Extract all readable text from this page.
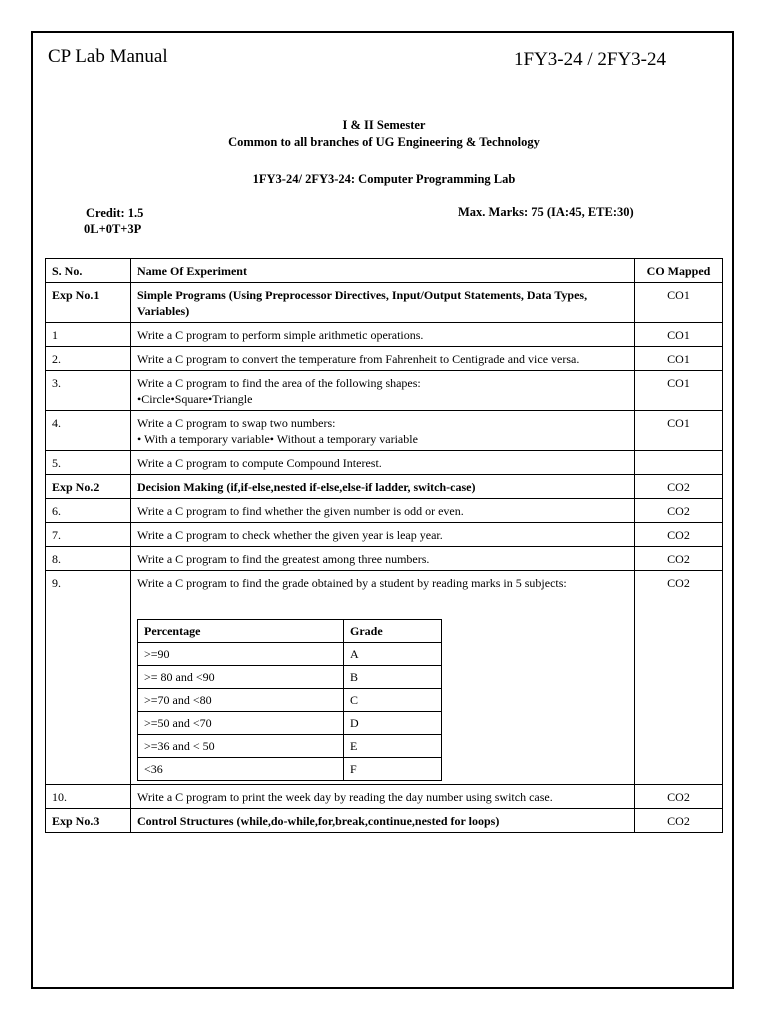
CP Lab Manual	1FY3-24 / 2FY3-24
I & II Semester
Common to all branches of UG Engineering & Technology
1FY3-24/ 2FY3-24: Computer Programming Lab
Credit: 1.5
0L+0T+3P
Max. Marks: 75 (IA:45, ETE:30)
S. No.	Name Of Experiment	CO Mapped
Exp No.1	Simple Programs (Using Preprocessor Directives, Input/Output Statements, Data Types, Variables)	CO1
1	Write a C program to perform simple arithmetic operations.	CO1
2.	Write a C program to convert the temperature from Fahrenheit to Centigrade and vice versa.	CO1
3.	Write a C program to find the area of the following shapes:
•Circle•Square•Triangle
	CO1
4.	Write a C program to swap two numbers:
• With a temporary variable• Without a temporary variable
	CO1
5.	Write a C program to compute Compound Interest.	
Exp No.2	Decision Making (if,if-else,nested if-else,else-if ladder, switch-case)	CO2
6.	Write a C program to find whether the given number is odd or even.	CO2
7.	Write a C program to check whether the given year is leap year.	CO2
8.	Write a C program to find the greatest among three numbers.	CO2
9.	Write a C program to find the grade obtained by a student by reading marks in 5 subjects:
Percentage	Grade
>=90	A
>= 80 and <90	B
>=70 and <80	C
>=50 and <70	D
>=36 and < 50	E
<36	F
	CO2
10.	Write a C program to print the week day by reading the day number using switch case.	CO2
Exp No.3	Control Structures (while,do-while,for,break,continue,nested for loops)	CO2
